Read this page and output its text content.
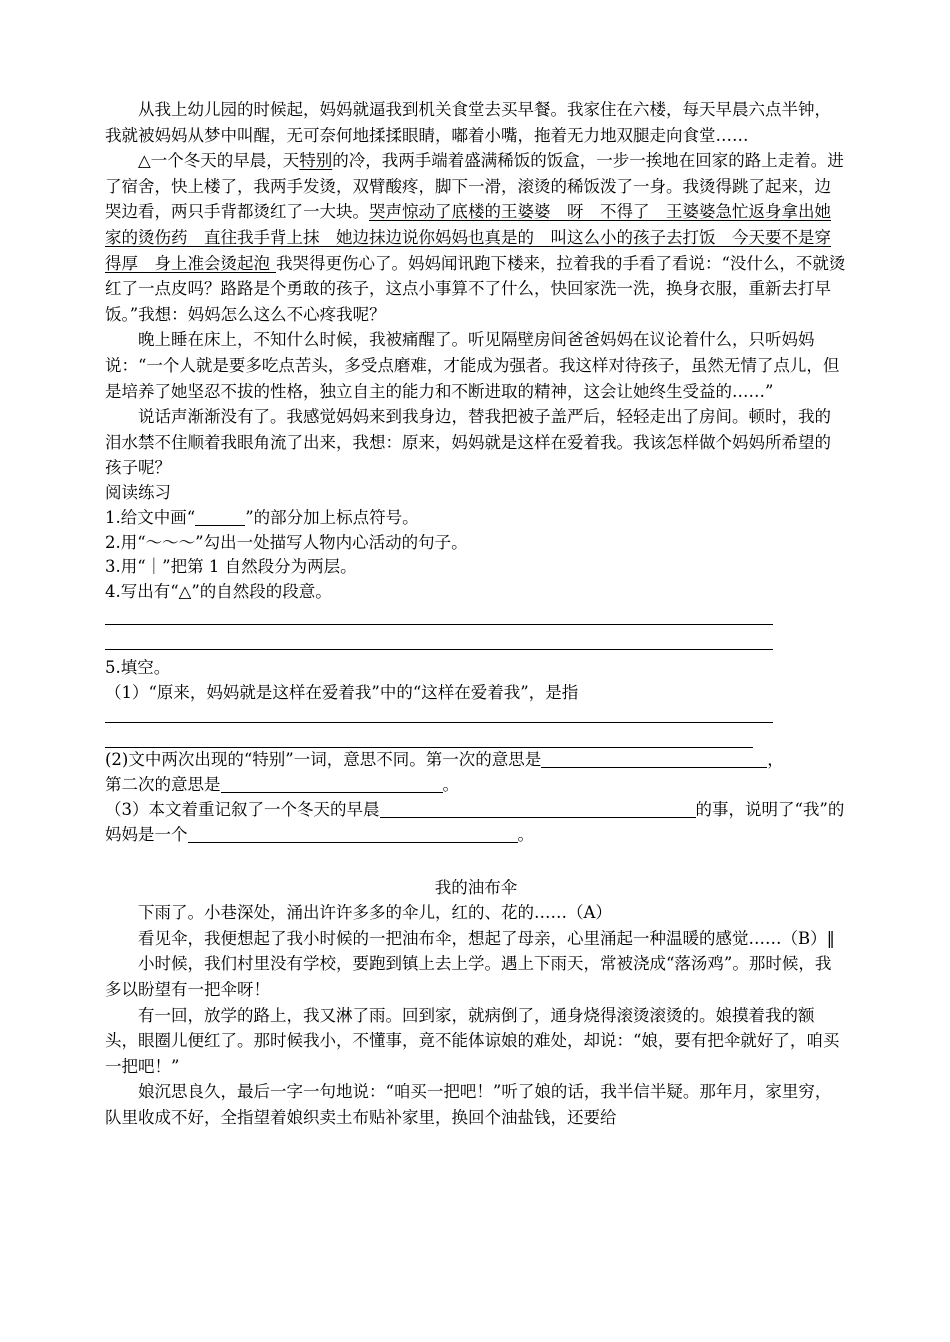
从我上幼儿园的时候起，妈妈就逼我到机关食堂去买早餐。我家住在六楼，每天早晨六点半钟，我就被妈妈从梦中叫醒，无可奈何地揉揉眼睛，嘟着小嘴，拖着无力地双腿走向食堂……

△一个冬天的早晨，天特别的冷，我两手端着盛满稀饭的饭盒，一步一挨地在回家的路上走着。进了宿舍，快上楼了，我两手发烫，双臂酸疼，脚下一滑，滚烫的稀饭泼了一身。我烫得跳了起来，边哭边看，两只手背都烫红了一大块。哭声惊动了底楼的王婆婆　呀　不得了　王婆婆急忙返身拿出她家的烫伤药　直往我手背上抹　她边抹边说你妈妈也真是的　叫这么小的孩子去打饭　今天要不是穿得厚　身上准会烫起泡 我哭得更伤心了。妈妈闻讯跑下楼来，拉着我的手看了看说：“没什么，不就烫红了一点皮吗？路路是个勇敢的孩子，这点小事算不了什么，快回家洗一洗，换身衣服，重新去打早饭。”我想：妈妈怎么这么不心疼我呢？

晚上睡在床上，不知什么时候，我被痛醒了。听见隔壁房间爸爸妈妈在议论着什么，只听妈妈说：“一个人就是要多吃点苦头，多受点磨难，才能成为强者。我这样对待孩子，虽然无情了点儿，但是培养了她坚忍不拔的性格，独立自主的能力和不断进取的精神，这会让她终生受益的……”

说话声渐渐没有了。我感觉妈妈来到我身边，替我把被子盖严后，轻轻走出了房间。顿时，我的泪水禁不住顺着我眼角流了出来，我想：原来，妈妈就是这样在爱着我。我该怎样做个妈妈所希望的孩子呢？

阅读练习

1.给文中画“	”的部分加上标点符号。

2.用“～～～”勾出一处描写人物内心活动的句子。

3.用“｜”把第 1 自然段分为两层。

4.写出有“△”的自然段的段意。

5.填空。

（1）“原来，妈妈就是这样在爱着我”中的“这样在爱着我”，是指

(2)文中两次出现的“特别”一词，意思不同。第一次的意思是	，

第二次的意思是	。

（3）本文着重记叙了一个冬天的早晨	的事，说明了“我”的妈妈是一个	。

我的油布伞

下雨了。小巷深处，涌出许许多多的伞儿，红的、花的……（A）

看见伞，我便想起了我小时候的一把油布伞，想起了母亲，心里涌起一种温暖的感觉……（B）‖

小时候，我们村里没有学校，要跑到镇上去上学。遇上下雨天，常被浇成“落汤鸡”。那时候，我多以盼望有一把伞呀！

有一回，放学的路上，我又淋了雨。回到家，就病倒了，通身烧得滚烫滚烫的。娘摸着我的额头，眼圈儿便红了。那时候我小，不懂事，竟不能体谅娘的难处，却说：“娘，要有把伞就好了，咱买一把吧！”

娘沉思良久，最后一字一句地说：“咱买一把吧！”听了娘的话，我半信半疑。那年月，家里穷，队里收成不好，全指望着娘织卖土布贴补家里，换回个油盐钱，还要给
